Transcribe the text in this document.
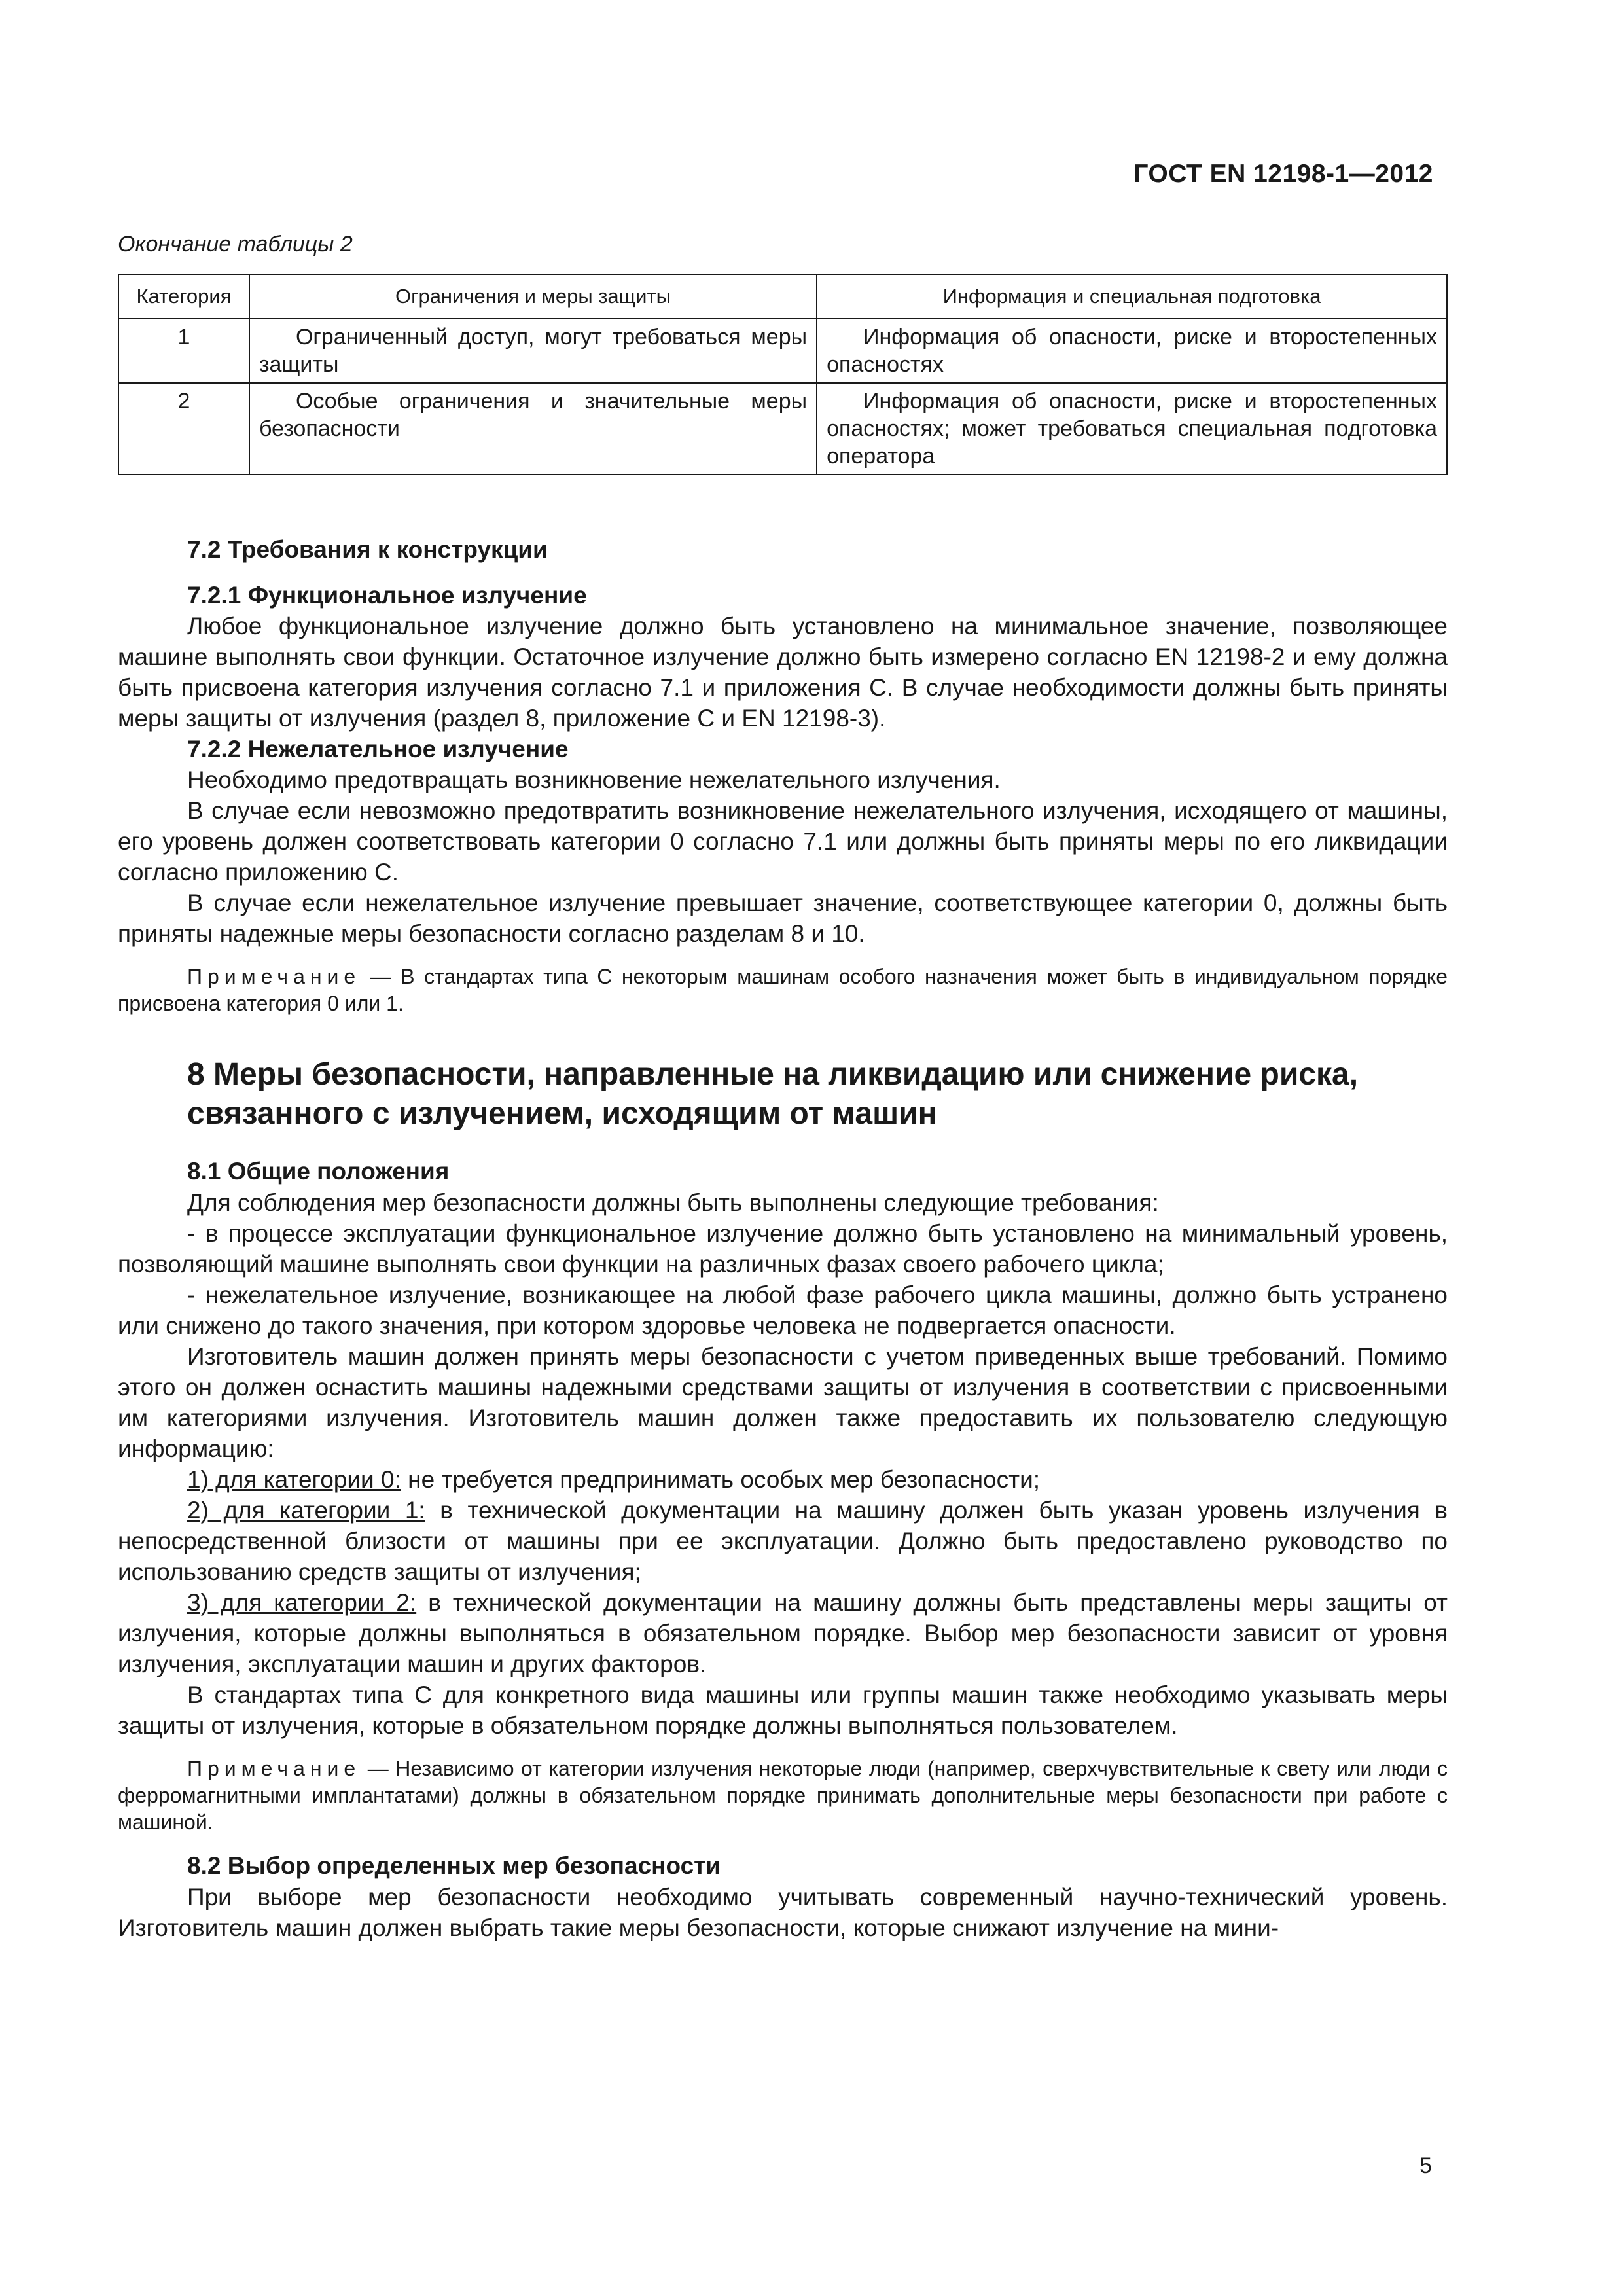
ГОСТ EN 12198-1—2012
Окончание таблицы 2
Категория	Ограничения и меры защиты	Информация и специальная подготовка
1	Ограниченный доступ, могут требоваться меры защиты	Информация об опасности, риске и второстепенных опасностях
2	Особые ограничения и значительные меры безопасности	Информация об опасности, риске и второстепенных опасностях; может требоваться специальная подготовка оператора
7.2 Требования к конструкции
7.2.1 Функциональное излучение

Любое функциональное излучение должно быть установлено на минимальное значение, позволяющее машине выполнять свои функции. Остаточное излучение должно быть измерено согласно EN 12198-2 и ему должна быть присвоена категория излучения согласно 7.1 и приложения С. В случае необходимости должны быть приняты меры защиты от излучения (раздел 8, приложение С и EN 12198-3).

7.2.2 Нежелательное излучение

Необходимо предотвращать возникновение нежелательного излучения.

В случае если невозможно предотвратить возникновение нежелательного излучения, исходящего от машины, его уровень должен соответствовать категории 0 согласно 7.1 или должны быть приняты меры по его ликвидации согласно приложению С.

В случае если нежелательное излучение превышает значение, соответствующее категории 0, должны быть приняты надежные меры безопасности согласно разделам 8 и 10.

Примечание — В стандартах типа С некоторым машинам особого назначения может быть в индивидуальном порядке присвоена категория 0 или 1.

8 Меры безопасности, направленные на ликвидацию или снижение риска, связанного с излучением, исходящим от машин
8.1 Общие положения

Для соблюдения мер безопасности должны быть выполнены следующие требования:

- в процессе эксплуатации функциональное излучение должно быть установлено на минимальный уровень, позволяющий машине выполнять свои функции на различных фазах своего рабочего цикла;

- нежелательное излучение, возникающее на любой фазе рабочего цикла машины, должно быть устранено или снижено до такого значения, при котором здоровье человека не подвергается опасности.

Изготовитель машин должен принять меры безопасности с учетом приведенных выше требований. Помимо этого он должен оснастить машины надежными средствами защиты от излучения в соответствии с присвоенными им категориями излучения. Изготовитель машин должен также предоставить их пользователю следующую информацию:

1) для категории 0: не требуется предпринимать особых мер безопасности;

2) для категории 1: в технической документации на машину должен быть указан уровень излучения в непосредственной близости от машины при ее эксплуатации. Должно быть предоставлено руководство по использованию средств защиты от излучения;

3) для категории 2: в технической документации на машину должны быть представлены меры защиты от излучения, которые должны выполняться в обязательном порядке. Выбор мер безопасности зависит от уровня излучения, эксплуатации машин и других факторов.

В стандартах типа С для конкретного вида машины или группы машин также необходимо указывать меры защиты от излучения, которые в обязательном порядке должны выполняться пользователем.

Примечание — Независимо от категории излучения некоторые люди (например, сверхчувствительные к свету или люди с ферромагнитными имплантатами) должны в обязательном порядке принимать дополнительные меры безопасности при работе с машиной.

8.2 Выбор определенных мер безопасности

При выборе мер безопасности необходимо учитывать современный научно-технический уровень. Изготовитель машин должен выбрать такие меры безопасности, которые снижают излучение на мини-

5
